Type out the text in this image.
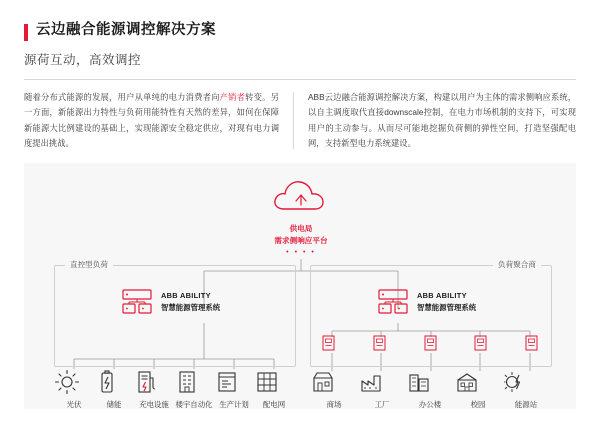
云边融合能源调控解决方案
源荷互动，高效调控
随着分布式能源的发展，用户从单纯的电力消费者向产销者转变。另一方面，新能源出力特性与负荷用能特性有天然的差异，如何在保障新能源大比例建设的基础上，实现能源安全稳定供应，对现有电力调度提出挑战。
ABB云边融合能源调控解决方案，构建以用户为主体的需求侧响应系统，以自主调度取代直接downscale控制，在电力市场机制的支持下，可实现用户的主动参与。从而尽可能地挖掘负荷侧的弹性空间，打造坚强配电网，支持新型电力系统建设。
供电局
需求侧响应平台
• • • •
直控型负荷	负荷聚合商
ABB ABILITY
智慧能源管理系统
ABB ABILITY
智慧能源管理系统
光伏	储能	充电设施 楼宇自动化 生产计划	配电网	商场	工厂	办公楼	校园	能源站
